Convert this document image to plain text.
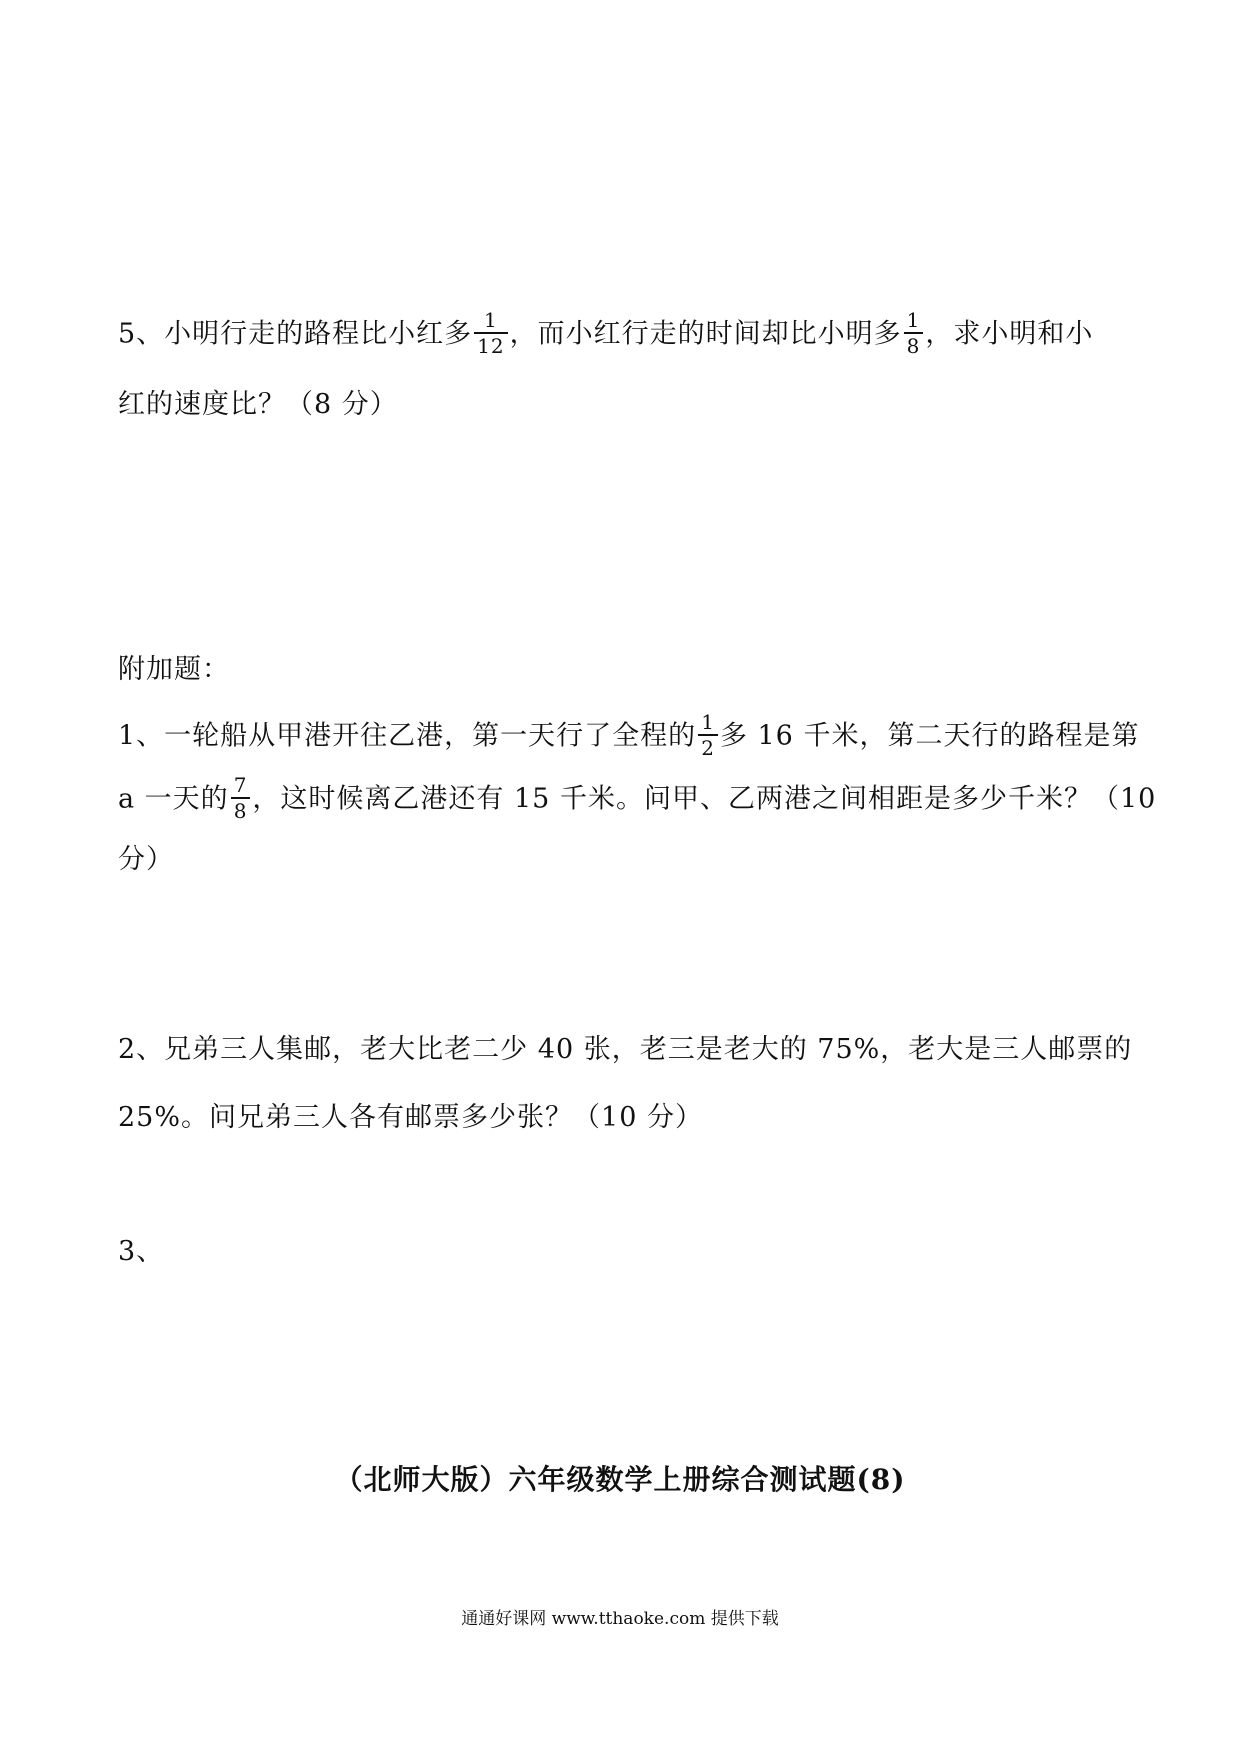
5、小明行走的路程比小红多 $\frac{1}{12}$ ，而小红行走的时间却比小明多 $\frac{1}{8}$ ，求小明和小
红的速度比？（8 分）
附加题：
1、一轮船从甲港开往乙港，第一天行了全程的 $\frac{1}{2}$ 多 16 千米，第二天行的路程是第
a 一天的 $\frac{7}{8}$ ，这时候离乙港还有 15 千米。问甲、乙两港之间相距是多少千米？（10
分）
2、兄弟三人集邮，老大比老二少 40 张，老三是老大的 75%，老大是三人邮票的
25%。问兄弟三人各有邮票多少张？（10 分）
3、
（北师大版）六年级数学上册综合测试题(8)
通通好课网 www.tthaoke.com 提供下载
